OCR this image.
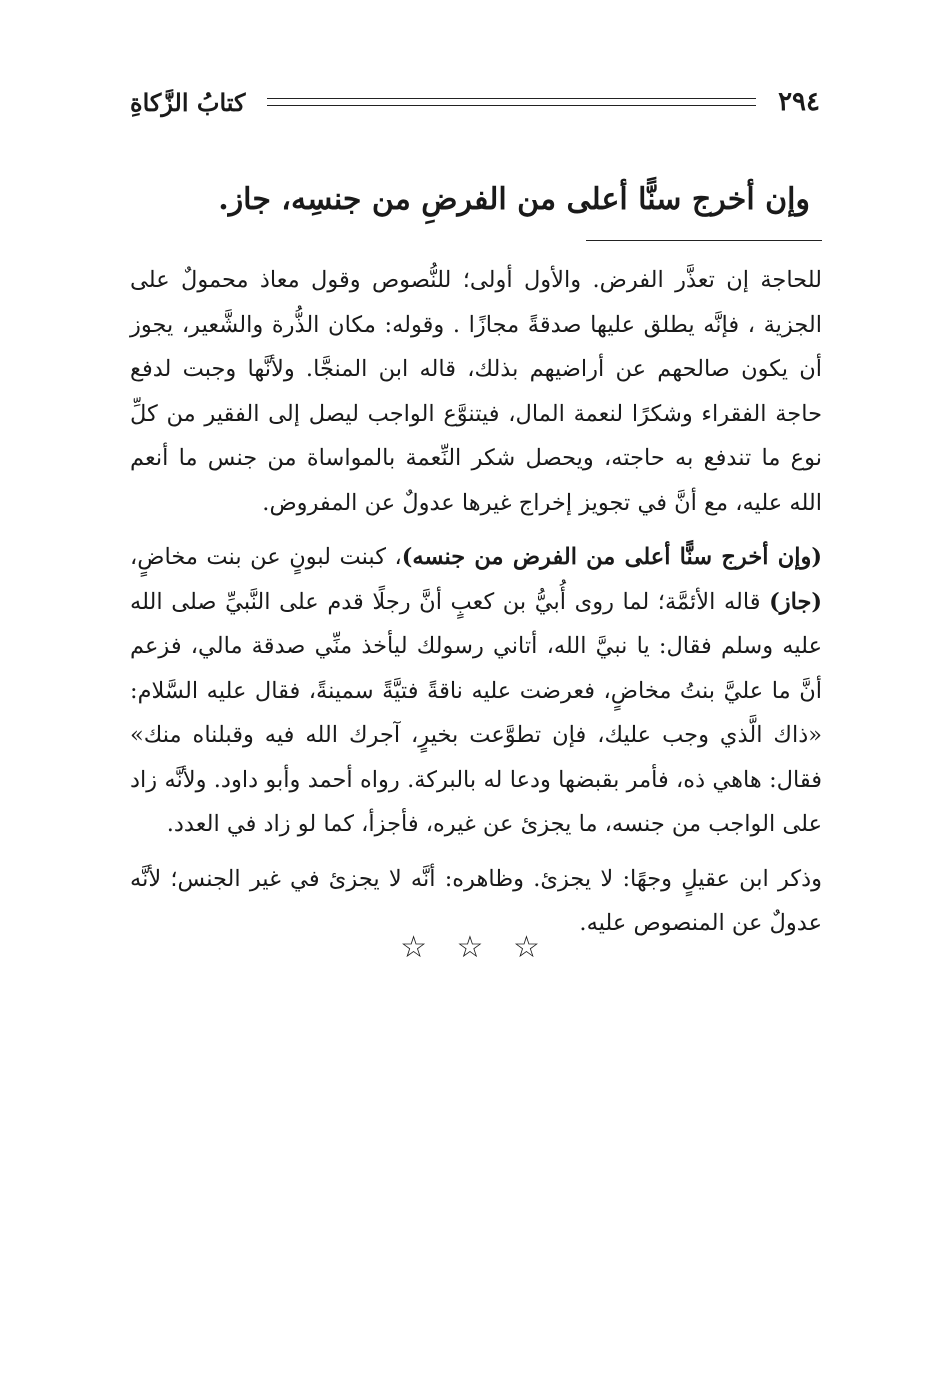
٢٩٤
كتابُ الزَّكاةِ
وإن أخرج سنًّا أعلى من الفرضِ من جنسِه، جاز.

للحاجة إن تعذَّر الفرض. والأول أولى؛ للنُّصوص وقول معاذ محمولٌ على الجزية ، فإنَّه يطلق عليها صدقةً مجازًا . وقوله: مكان الذُّرة والشَّعير، يجوز أن يكون صالحهم عن أراضيهم بذلك، قاله ابن المنجَّا. ولأنَّها وجبت لدفع حاجة الفقراء وشكرًا لنعمة المال، فيتنوَّع الواجب ليصل إلى الفقير من كلِّ نوع ما تندفع به حاجته، ويحصل شكر النِّعمة بالمواساة من جنس ما أنعم الله عليه، مع أنَّ في تجويز إخراج غيرها عدولٌ عن المفروض.

(وإن أخرج سنًّا أعلى من الفرض من جنسه)، كبنت لبونٍ عن بنت مخاضٍ، (جاز) قاله الأئمَّة؛ لما روى أُبيُّ بن كعبٍ أنَّ رجلًا قدم على النَّبيِّ صلى الله عليه وسلم فقال: يا نبيَّ الله، أتاني رسولك ليأخذ منِّي صدقة مالي، فزعم أنَّ ما عليَّ بنتُ مخاضٍ، فعرضت عليه ناقةً فتيَّةً سمينةً، فقال عليه السَّلام: «ذاك الَّذي وجب عليك، فإن تطوَّعت بخيرٍ، آجرك الله فيه وقبلناه منك» فقال: هاهي ذه، فأمر بقبضها ودعا له بالبركة. رواه أحمد وأبو داود. ولأنَّه زاد على الواجب من جنسه، ما يجزئ عن غيره، فأجزأ، كما لو زاد في العدد.

وذكر ابن عقيلٍ وجهًا: لا يجزئ. وظاهره: أنَّه لا يجزئ في غير الجنس؛ لأنَّه عدولٌ عن المنصوص عليه.

☆ ☆ ☆
